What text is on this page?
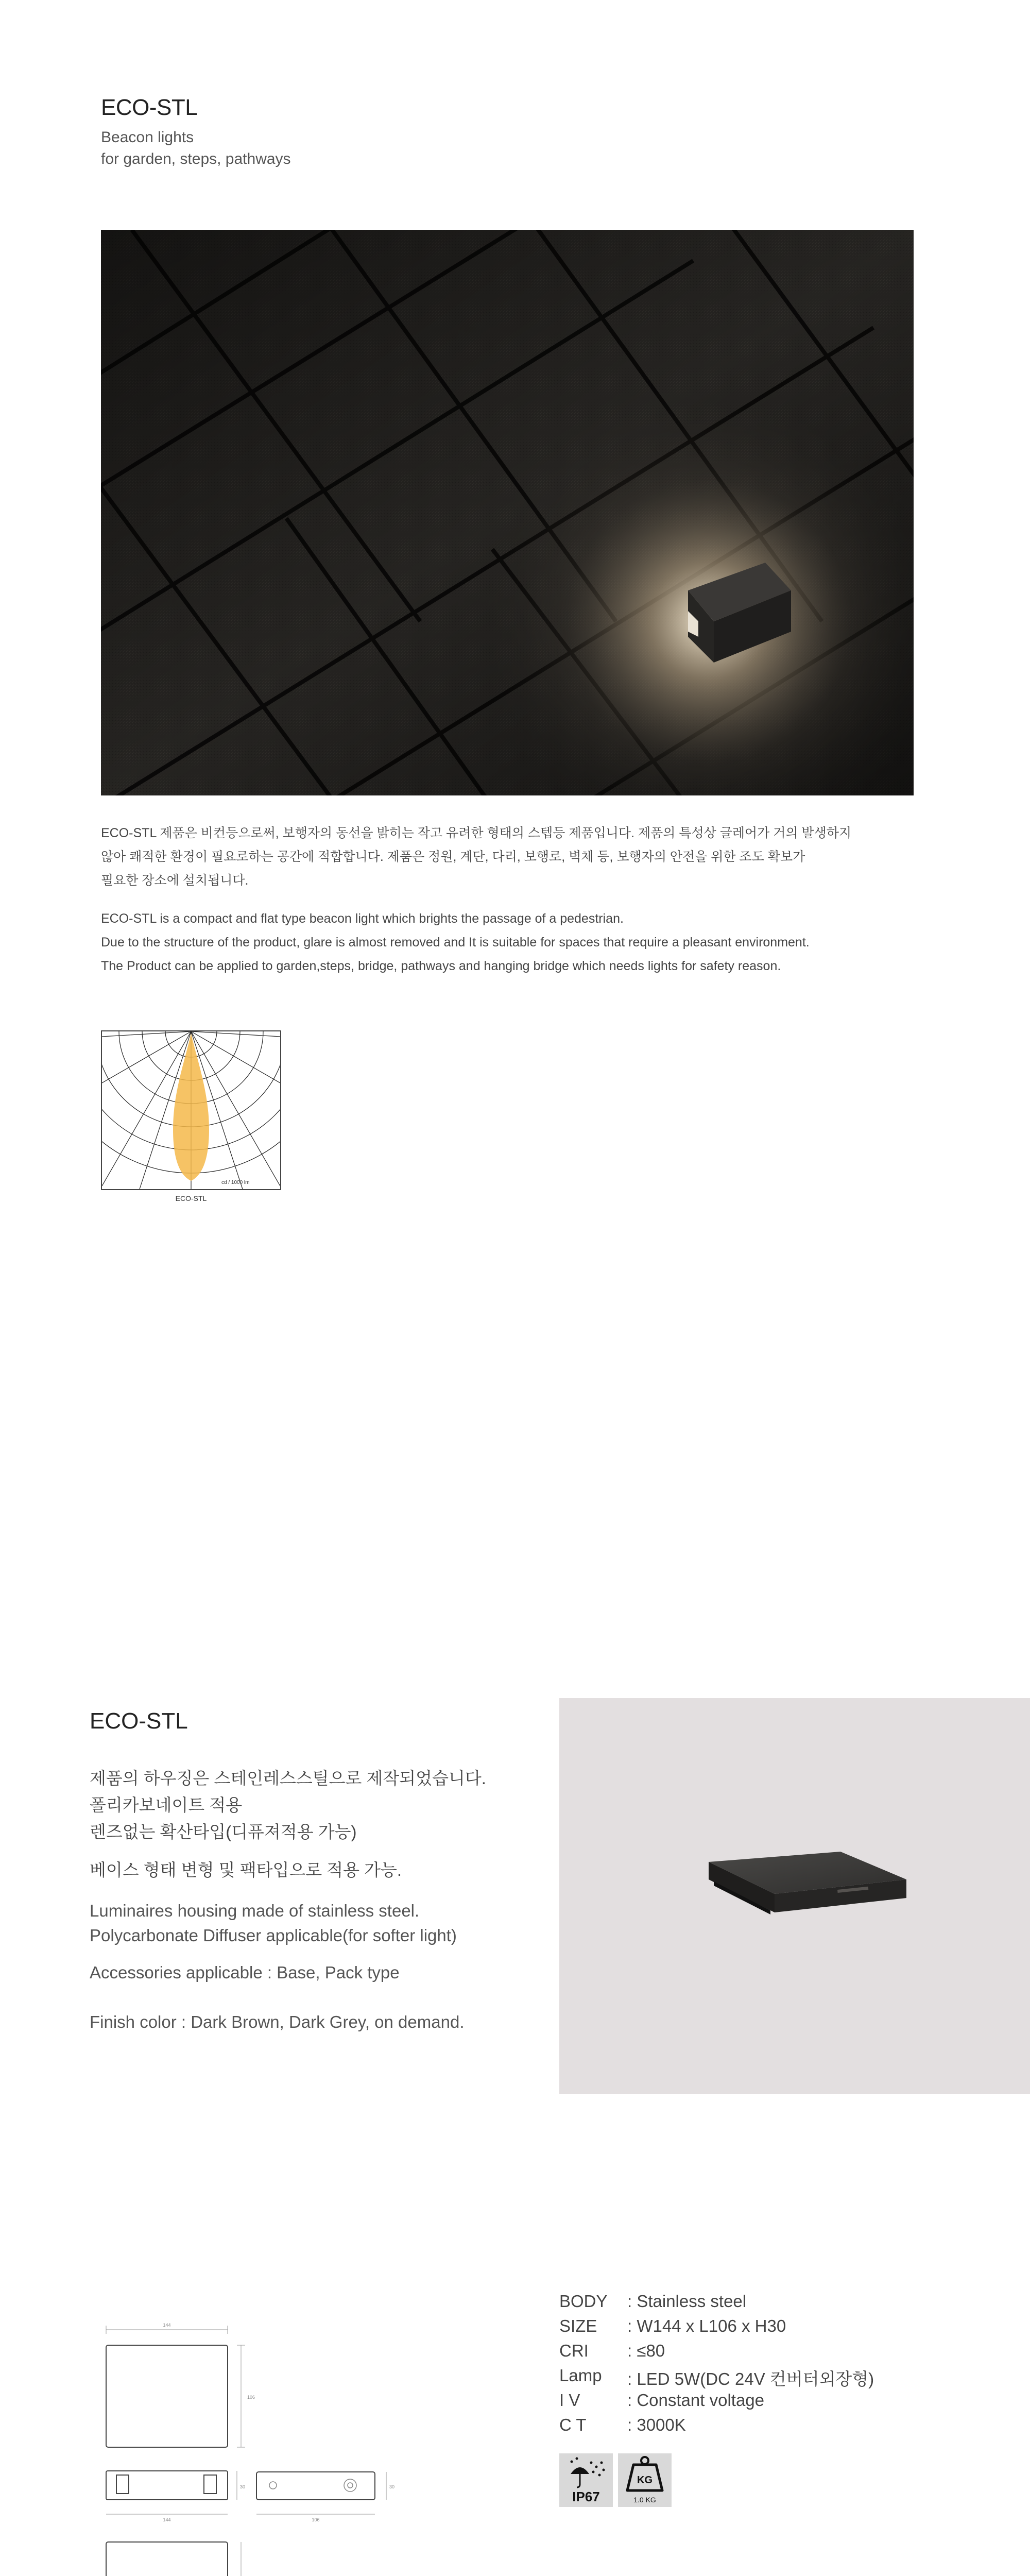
ECO-STL
Beacon lights
for garden, steps, pathways
ECO-STL 제품은 비컨등으로써, 보행자의 동선을 밝히는 작고 유려한 형태의 스텝등 제품입니다. 제품의 특성상 글레어가 거의 발생하지
않아 쾌적한 환경이 필요로하는 공간에 적합합니다. 제품은 정원, 계단, 다리, 보행로, 벽체 등, 보행자의 안전을 위한 조도 확보가
필요한 장소에 설치됩니다.
ECO-STL is a compact and flat type beacon light which brights the passage of a pedestrian.
Due to the structure of the product, glare is almost removed and It is suitable for spaces that require a pleasant environment.
The Product can be applied to garden,steps, bridge, pathways and hanging bridge which needs lights for safety reason.
cd / 1000 lm
ECO-STL
ECO-STL
제품의 하우징은 스테인레스스틸으로 제작되었습니다.
폴리카보네이트 적용
렌즈없는 확산타입(디퓨져적용 가능)
베이스 형태 변형 및 팩타입으로 적용 가능.
Luminaires housing made of stainless steel.
Polycarbonate Diffuser applicable(for softer light)
Accessories applicable : Base, Pack type
Finish color : Dark Brown, Dark Grey, on demand.
144
106
30
144	106
30
BODY	: Stainless steel
SIZE	: W144 x L106 x H30
CRI	: ≤80
Lamp	: LED 5W(DC 24V 컨버터외장형)
I V	: Constant voltage
C T	: 3000K
IP67
KG
1.0 KG
